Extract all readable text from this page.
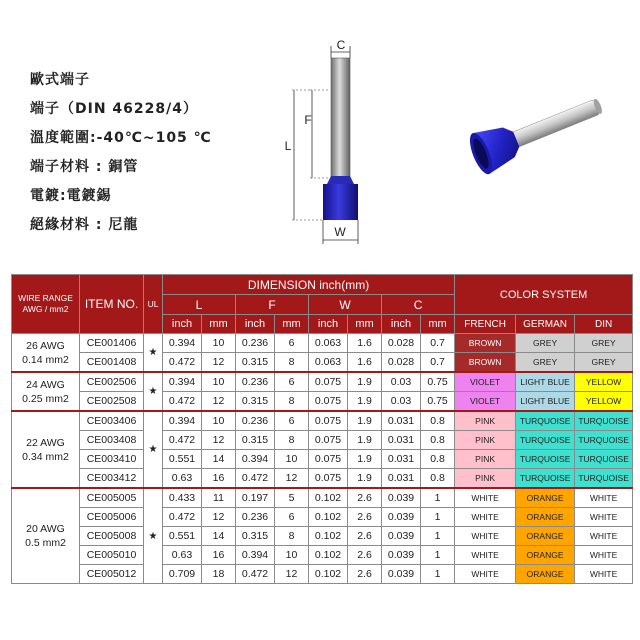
歐式端子
端子（DIN 46228/4）
溫度範圍:-40℃~105 ℃
端子材料 : 銅管
電鍍:電鍍錫
絕緣材料 : 尼龍
C
F
L
W
WIRE RANGE
AWG / mm2	ITEM NO.	UL	DIMENSION inch(mm)								COLOR SYSTEM		
			L		F		W		C				
			inch	mm	inch	mm	inch	mm	inch	mm	FRENCH	GERMAN	DIN
26 AWG
0.14 mm2	CE001406	★	0.394	10	0.236	6	0.063	1.6	0.028	0.7	BROWN	GREY	GREY
	CE001408		0.472	12	0.315	8	0.063	1.6	0.028	0.7	BROWN	GREY	GREY
24 AWG
0.25 mm2	CE002506	★	0.394	10	0.236	6	0.075	1.9	0.03	0.75	VIOLET	LIGHT BLUE	YELLOW
	CE002508		0.472	12	0.315	8	0.075	1.9	0.03	0.75	VIOLET	LIGHT BLUE	YELLOW
22 AWG
0.34 mm2	CE003406	★	0.394	10	0.236	6	0.075	1.9	0.031	0.8	PINK	TURQUOISE	TURQUOISE
	CE003408		0.472	12	0.315	8	0.075	1.9	0.031	0.8	PINK	TURQUOISE	TURQUOISE
	CE003410		0.551	14	0.394	10	0.075	1.9	0.031	0.8	PINK	TURQUOISE	TURQUOISE
	CE003412		0.63	16	0.472	12	0.075	1.9	0.031	0.8	PINK	TURQUOISE	TURQUOISE
20 AWG
0.5 mm2	CE005005	★	0.433	11	0.197	5	0.102	2.6	0.039	1	WHITE	ORANGE	WHITE
	CE005006		0.472	12	0.236	6	0.102	2.6	0.039	1	WHITE	ORANGE	WHITE
	CE005008		0.551	14	0.315	8	0.102	2.6	0.039	1	WHITE	ORANGE	WHITE
	CE005010		0.63	16	0.394	10	0.102	2.6	0.039	1	WHITE	ORANGE	WHITE
	CE005012		0.709	18	0.472	12	0.102	2.6	0.039	1	WHITE	ORANGE	WHITE
